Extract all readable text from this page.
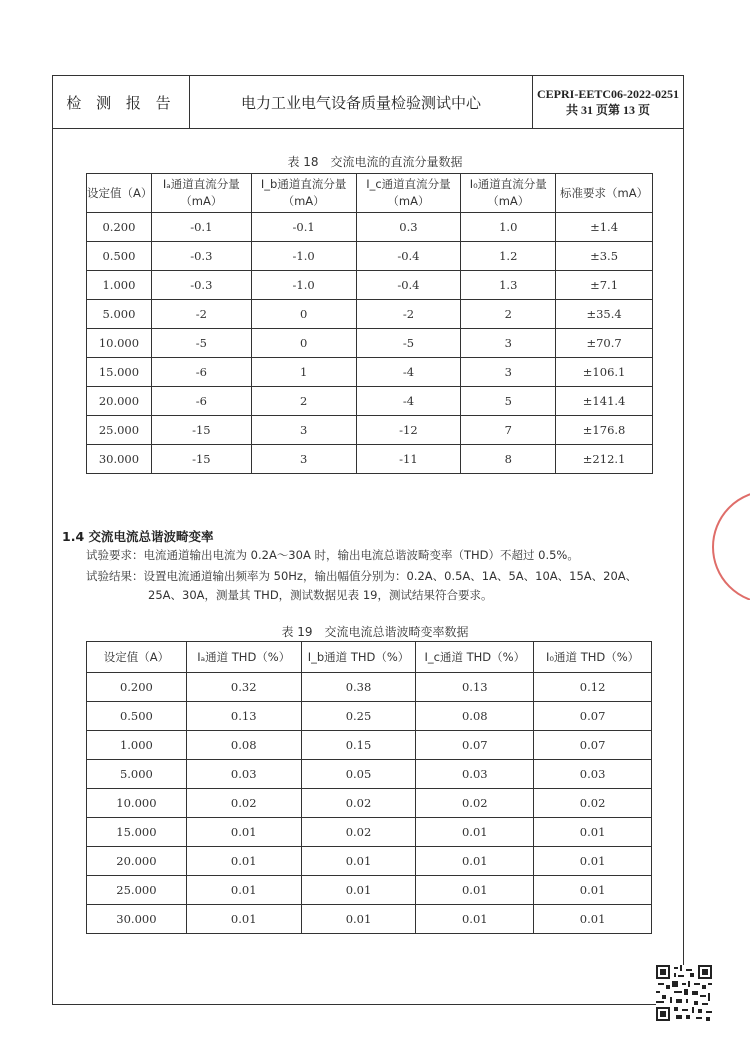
检 测 报 告	电力工业电气设备质量检验测试中心	CEPRI-EETC06-2022-0251
共 31 页第 13 页
表 18　交流电流的直流分量数据
设定值（A）	Iₐ通道直流分量（mA）	I_b通道直流分量（mA）	I_c通道直流分量（mA）	I₀通道直流分量（mA）	标准要求（mA）
0.200	-0.1	-0.1	0.3	1.0	±1.4
0.500	-0.3	-1.0	-0.4	1.2	±3.5
1.000	-0.3	-1.0	-0.4	1.3	±7.1
5.000	-2	0	-2	2	±35.4
10.000	-5	0	-5	3	±70.7
15.000	-6	1	-4	3	±106.1
20.000	-6	2	-4	5	±141.4
25.000	-15	3	-12	7	±176.8
30.000	-15	3	-11	8	±212.1
1.4 交流电流总谐波畸变率
试验要求：电流通道输出电流为 0.2A～30A 时，输出电流总谐波畸变率（THD）不超过 0.5%。
试验结果：设置电流通道输出频率为 50Hz，输出幅值分别为：0.2A、0.5A、1A、5A、10A、15A、20A、
25A、30A，测量其 THD，测试数据见表 19，测试结果符合要求。
表 19　交流电流总谐波畸变率数据
设定值（A）	Iₐ通道 THD（%）	I_b通道 THD（%）	I_c通道 THD（%）	I₀通道 THD（%）
0.200	0.32	0.38	0.13	0.12
0.500	0.13	0.25	0.08	0.07
1.000	0.08	0.15	0.07	0.07
5.000	0.03	0.05	0.03	0.03
10.000	0.02	0.02	0.02	0.02
15.000	0.01	0.02	0.01	0.01
20.000	0.01	0.01	0.01	0.01
25.000	0.01	0.01	0.01	0.01
30.000	0.01	0.01	0.01	0.01
